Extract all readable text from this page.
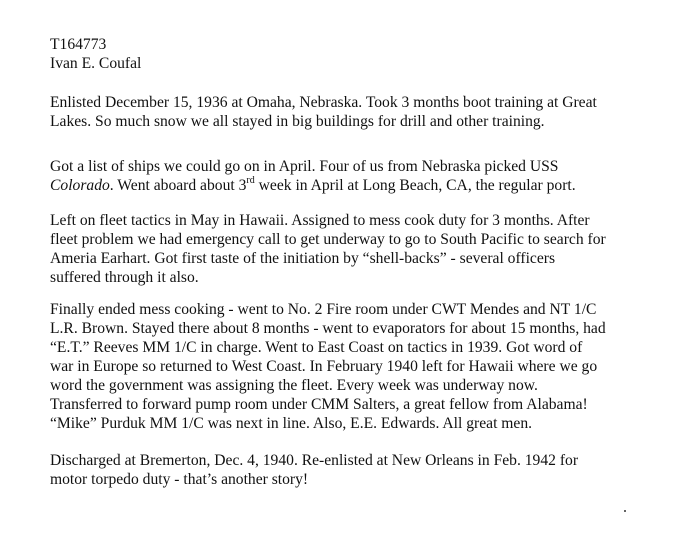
T164773
Ivan E. Coufal

Enlisted December 15, 1936 at Omaha, Nebraska. Took 3 months boot training at Great
Lakes. So much snow we all stayed in big buildings for drill and other training.

Got a list of ships we could go on in April. Four of us from Nebraska picked USS
Colorado. Went aboard about 3rd week in April at Long Beach, CA, the regular port.

Left on fleet tactics in May in Hawaii. Assigned to mess cook duty for 3 months. After
fleet problem we had emergency call to get underway to go to South Pacific to search for
Ameria Earhart. Got first taste of the initiation by “shell-backs” - several officers
suffered through it also.

Finally ended mess cooking - went to No. 2 Fire room under CWT Mendes and NT 1/C
L.R. Brown. Stayed there about 8 months - went to evaporators for about 15 months, had
“E.T.” Reeves MM 1/C in charge. Went to East Coast on tactics in 1939. Got word of
war in Europe so returned to West Coast. In February 1940 left for Hawaii where we go
word the government was assigning the fleet. Every week was underway now.
Transferred to forward pump room under CMM Salters, a great fellow from Alabama!
“Mike” Purduk MM 1/C was next in line. Also, E.E. Edwards. All great men.

Discharged at Bremerton, Dec. 4, 1940. Re-enlisted at New Orleans in Feb. 1942 for
motor torpedo duty - that’s another story!
